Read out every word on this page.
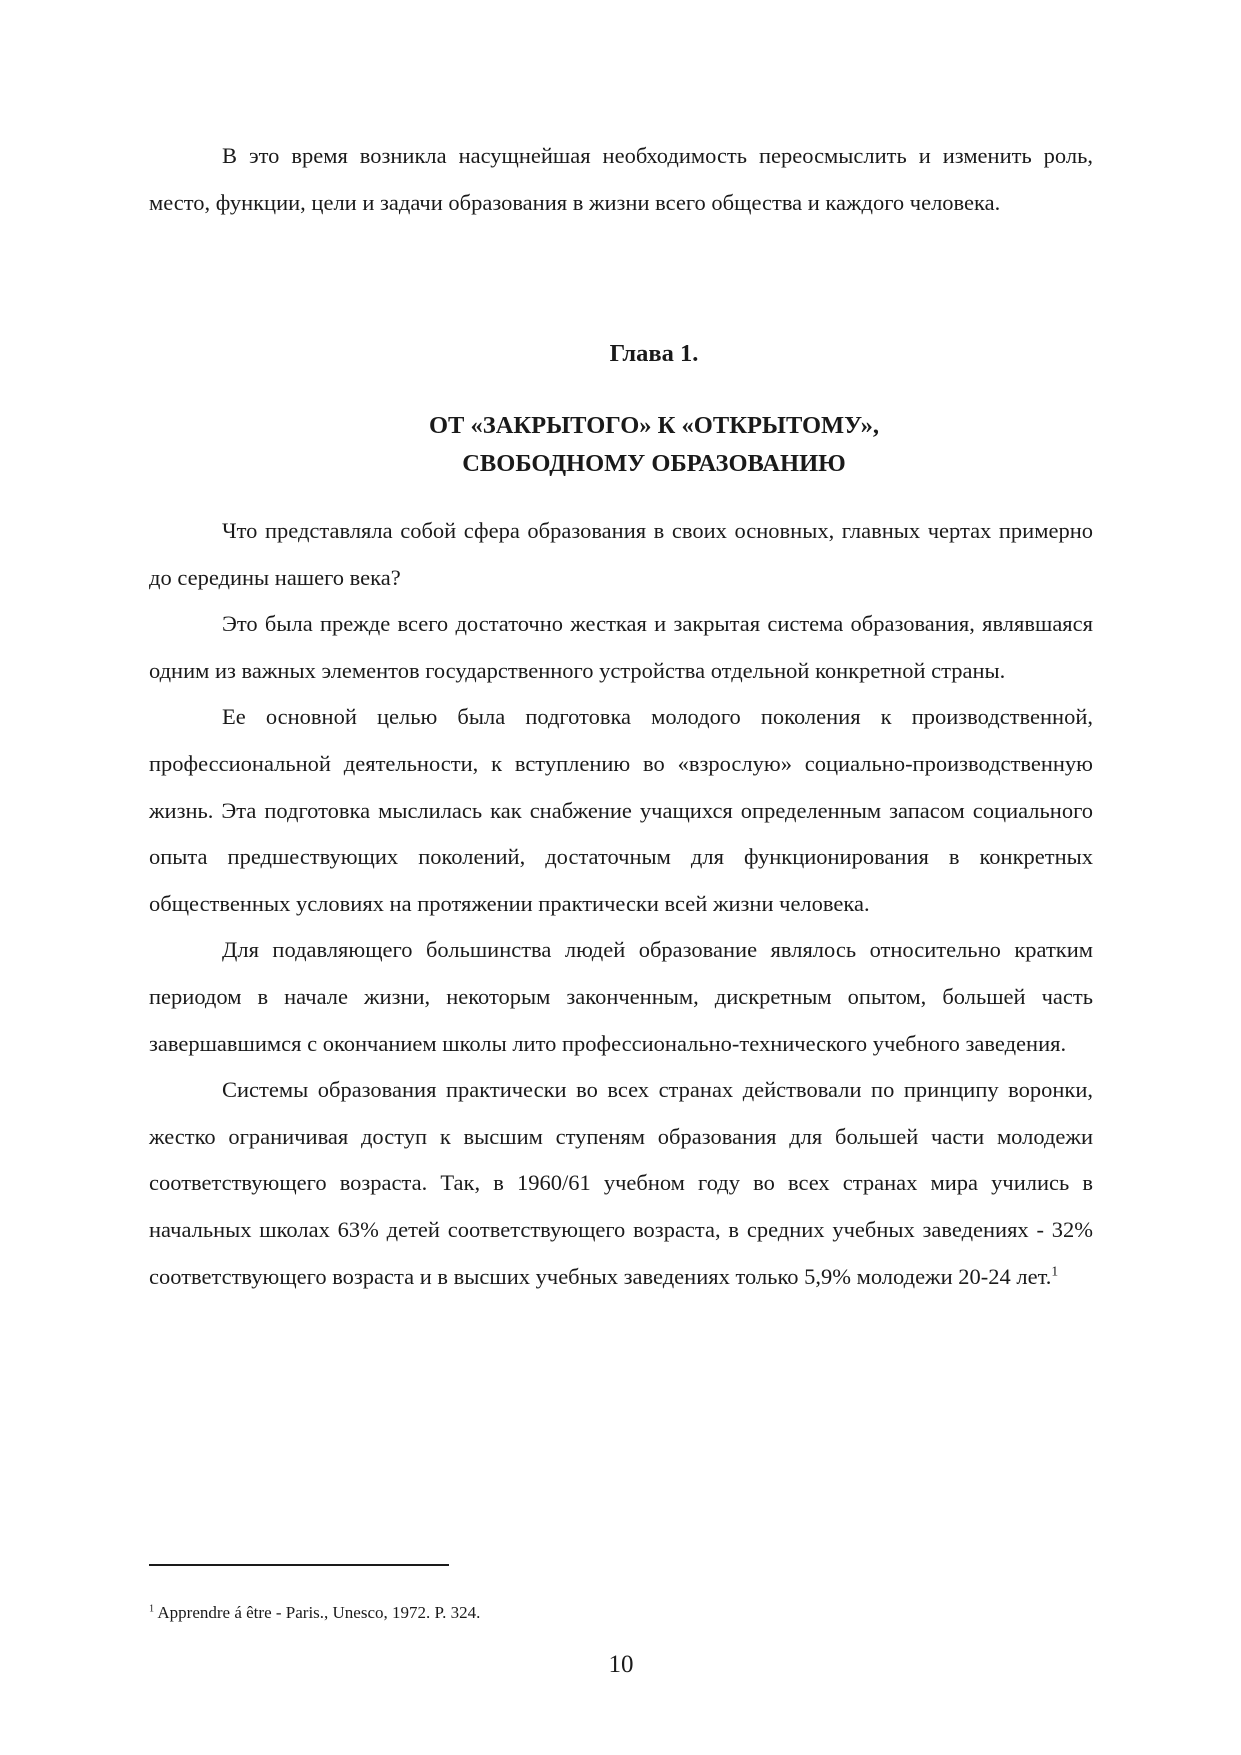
В это время возникла насущнейшая необходимость переосмыслить и изменить роль, место, функции, цели и задачи образования в жизни всего общества и каждого человека.

Глава 1.
ОТ «ЗАКРЫТОГО» К «ОТКРЫТОМУ»,
СВОБОДНОМУ ОБРАЗОВАНИЮ

Что представляла собой сфера образования в своих основных, главных чертах примерно до середины нашего века?

Это была прежде всего достаточно жесткая и закрытая система образования, являвшаяся одним из важных элементов государственного устройства отдельной конкретной страны.

Ее основной целью была подготовка молодого поколения к производственной, профессиональной деятельности, к вступлению во «взрослую» социально-производственную жизнь. Эта подготовка мыслилась как снабжение учащихся определенным запасом социального опыта предшествующих поколений, достаточным для функционирования в конкретных общественных условиях на протяжении практически всей жизни человека.

Для подавляющего большинства людей образование являлось относительно кратким периодом в начале жизни, некоторым законченным, дискретным опытом, большей часть завершавшимся с окончанием школы лито профессионально-технического учебного заведения.

Системы образования практически во всех странах действовали по принципу воронки, жестко ограничивая доступ к высшим ступеням образования для большей части молодежи соответствующего возраста. Так, в 1960/61 учебном году во всех странах мира учились в начальных школах 63% детей соответствующего возраста, в средних учебных заведениях - 32% соответствующего возраста и в высших учебных заведениях только 5,9% молодежи 20-24 лет.$^1$

$^1$ Apprendre á être - Paris., Unesco, 1972. P. 324.
10
